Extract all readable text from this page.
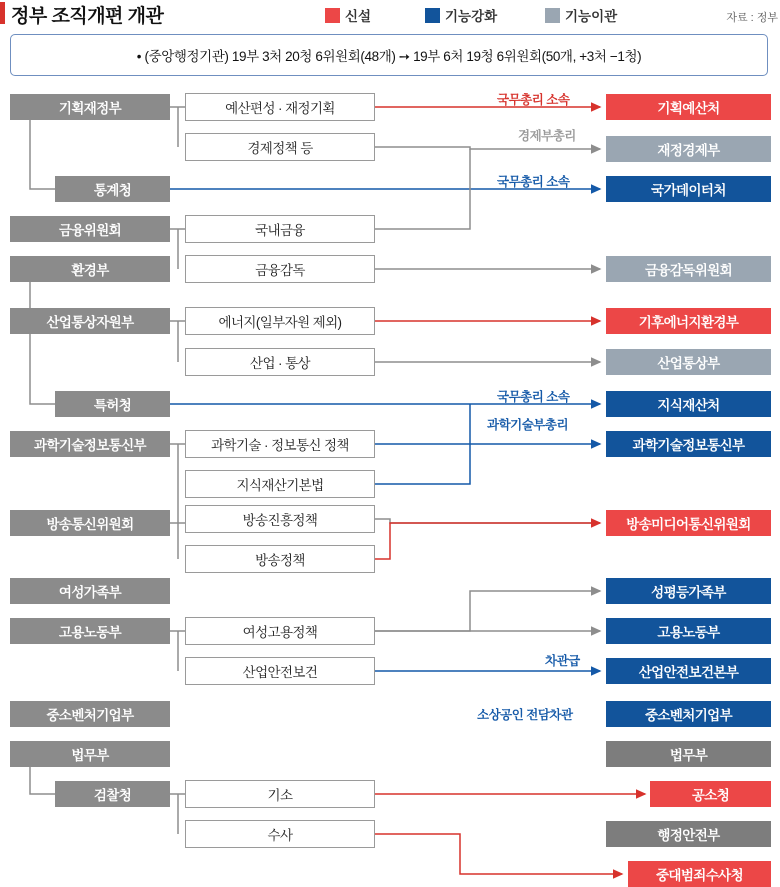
정부 조직개편 개관	신설	기능강화	기능이관	자료 : 정부
• (중앙행정기관) 19부 3처 20청 6위원회(48개) ➙ 19부 6처 19청 6위원회(50개, +3처 −1청)
기획재정부
통계청
금융위원회
환경부
산업통상자원부
특허청
과학기술정보통신부
방송통신위원회
여성가족부
고용노동부
중소벤처기업부
법무부
검찰청
예산편성 · 재정기획
경제정책 등
국내금융
금융감독
에너지(일부자원 제외)
산업 · 통상
과학기술 · 정보통신 정책
지식재산기본법
방송진흥정책
방송정책
여성고용정책
산업안전보건
기소
수사
기획예산처
재정경제부
국가데이터처
금융감독위원회
기후에너지환경부
산업통상부
지식재산처
과학기술정보통신부
방송미디어통신위원회
성평등가족부
고용노동부
산업안전보건본부
중소벤처기업부
법무부
공소청
행정안전부
중대범죄수사청
국무총리 소속
경제부총리
국무총리 소속
국무총리 소속
과학기술부총리
차관급
소상공인 전담차관
